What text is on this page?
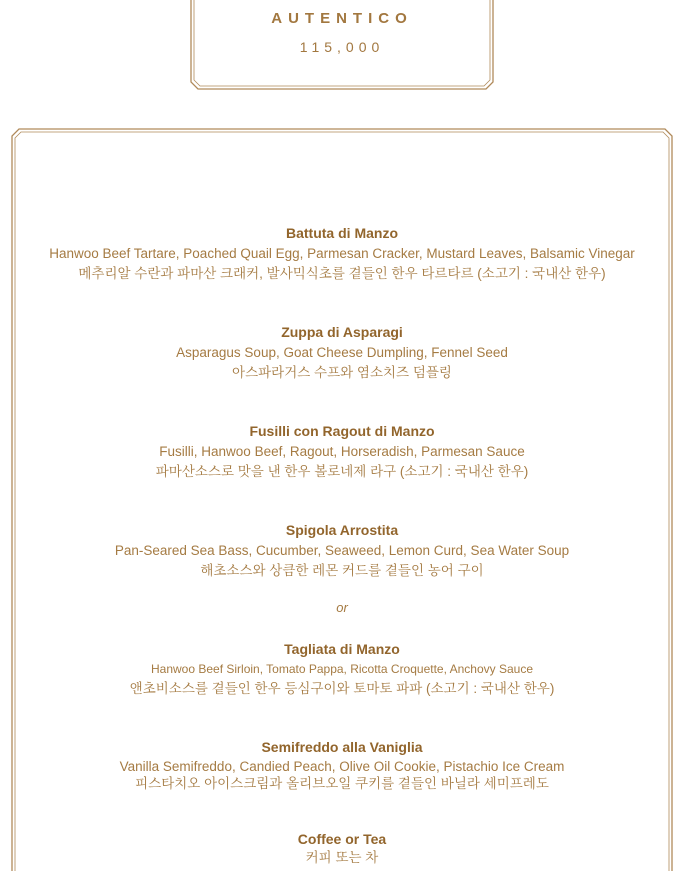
AUTENTICO
115,000

Battuta di Manzo

Hanwoo Beef Tartare, Poached Quail Egg, Parmesan Cracker, Mustard Leaves, Balsamic Vinegar

메추리알 수란과 파마산 크래커, 발사믹식초를 곁들인 한우 타르타르 (소고기 : 국내산 한우)

Zuppa di Asparagi

Asparagus Soup, Goat Cheese Dumpling, Fennel Seed

아스파라거스 수프와 염소치즈 덤플링

Fusilli con Ragout di Manzo

Fusilli, Hanwoo Beef, Ragout, Horseradish, Parmesan Sauce

파마산소스로 맛을 낸 한우 볼로네제 라구 (소고기 : 국내산 한우)

Spigola Arrostita

Pan-Seared Sea Bass, Cucumber, Seaweed, Lemon Curd, Sea Water Soup

해초소스와 상큼한 레몬 커드를 곁들인 농어 구이

or

Tagliata di Manzo

Hanwoo Beef Sirloin, Tomato Pappa, Ricotta Croquette, Anchovy Sauce

앤초비소스를 곁들인 한우 등심구이와 토마토 파파 (소고기 : 국내산 한우)

Semifreddo alla Vaniglia

Vanilla Semifreddo, Candied Peach, Olive Oil Cookie, Pistachio Ice Cream

피스타치오 아이스크림과 올리브오일 쿠키를 곁들인 바닐라 세미프레도

Coffee or Tea

커피 또는 차
